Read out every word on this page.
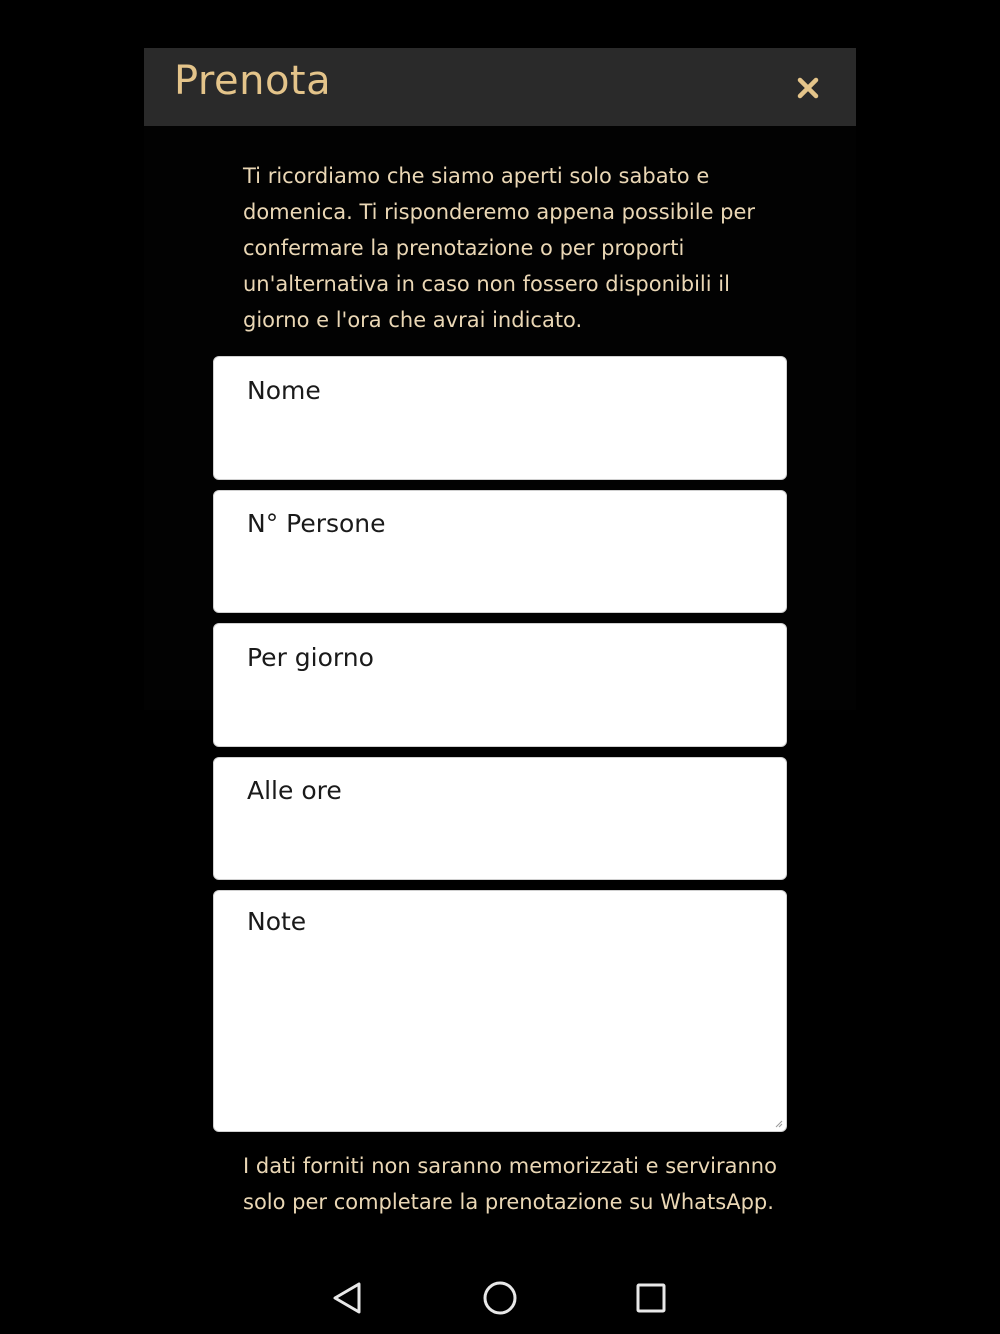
Prenota

Ti ricordiamo che siamo aperti solo sabato e domenica. Ti risponderemo appena possibile per confermare la prenotazione o per proporti un'alternativa in caso non fossero disponibili il giorno e l'ora che avrai indicato.

Nome
N° Persone
Per giorno
Alle ore
Note

I dati forniti non saranno memorizzati e serviranno solo per completare la prenotazione su WhatsApp.
